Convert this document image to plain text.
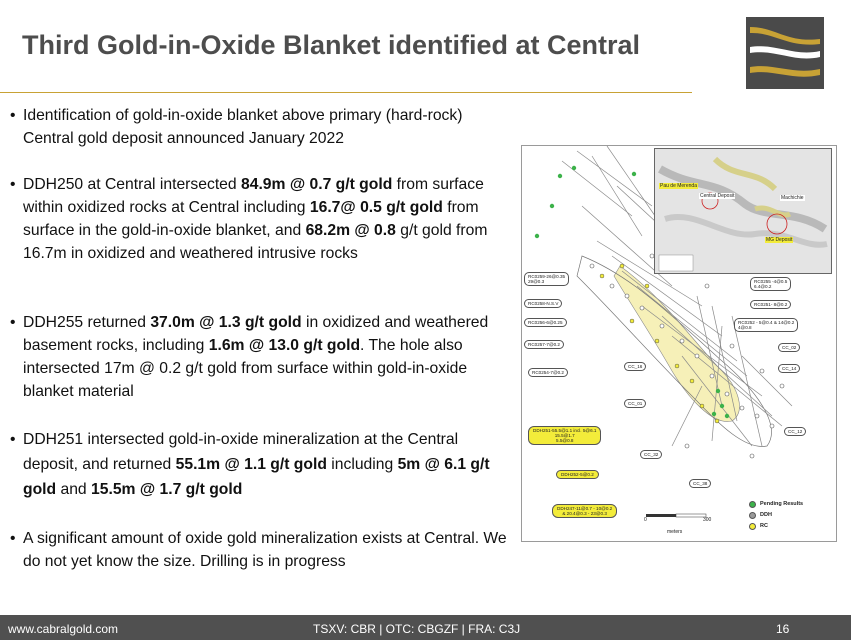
Third Gold-in-Oxide Blanket identified at Central
• Identification of gold-in-oxide blanket above primary (hard-rock) Central gold deposit announced January 2022
• DDH250 at Central intersected 84.9m @ 0.7 g/t gold from surface within oxidized rocks at Central including 16.7@ 0.5 g/t gold from surface in the gold-in-oxide blanket, and 68.2m @ 0.8 g/t gold from 16.7m in oxidized and weathered intrusive rocks
• DDH255 returned 37.0m @ 1.3 g/t gold in oxidized and weathered basement rocks, including 1.6m @ 13.0 g/t gold. The hole also intersected 17m @ 0.2 g/t gold from surface within gold-in-oxide blanket material
• DDH251 intersected gold-in-oxide mineralization at the Central deposit, and returned 55.1m @ 1.1 g/t gold including 5m @ 6.1 g/t gold and 15.5m @ 1.7 g/t gold
• A significant amount of oxide gold mineralization exists at Central. We do not yet know the size. Drilling is in progress
Pau de Merenda
Central Deposit	Machichie
MG Deposit
RC0259-26@0.35
29@0.3
RC0258-N.S.V
RC0256-6@0.25
RC0257-7@0.2
RC0254-7@0.2
RC0255 -4@0.5
6.4@0.2
RC0251- 8@0.2
RC0252 - 5@0.4 & 14@0.2
4@0.8
DDH251-55.5@1.1 incl. 5@6.1
15.5@1.7
5.5@0.8
DDH252-5@0.2
DDH247-11@0.7 - 10@0.2
& 20.4@0.3 - 23@0.3
CC_16
CC_01
CC_32
CC_38
CC_02
CC_14
CC_12
0	300
meters
Pending Results
DDH
RC
www.cabralgold.com	TSXV: CBR | OTC: CBGZF | FRA: C3J	16
